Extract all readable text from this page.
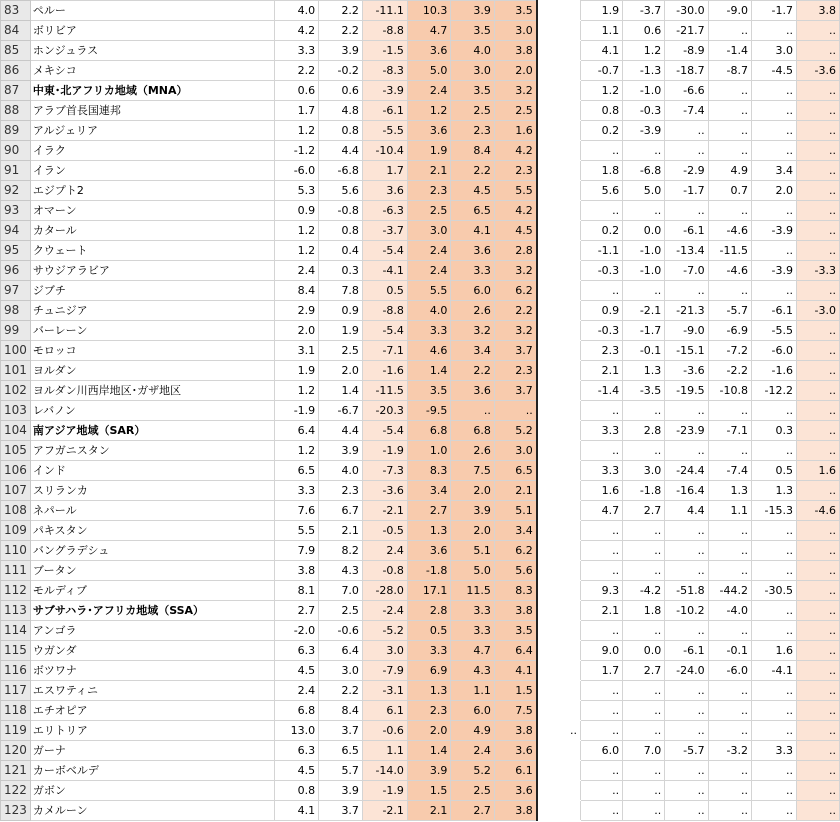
83	ペルー	4.0	2.2	-11.1	10.3	3.9	3.5		1.9	-3.7	-30.0	-9.0	-1.7	3.8
84	ボリビア	4.2	2.2	-8.8	4.7	3.5	3.0		1.1	0.6	-21.7	..	..	..
85	ホンジュラス	3.3	3.9	-1.5	3.6	4.0	3.8		4.1	1.2	-8.9	-1.4	3.0	..
86	メキシコ	2.2	-0.2	-8.3	5.0	3.0	2.0		-0.7	-1.3	-18.7	-8.7	-4.5	-3.6
87	中東･北アフリカ地域（MNA）	0.6	0.6	-3.9	2.4	3.5	3.2		1.2	-1.0	-6.6	..	..	..
88	アラブ首長国連邦	1.7	4.8	-6.1	1.2	2.5	2.5		0.8	-0.3	-7.4	..	..	..
89	アルジェリア	1.2	0.8	-5.5	3.6	2.3	1.6		0.2	-3.9	..	..	..	..
90	イラク	-1.2	4.4	-10.4	1.9	8.4	4.2		..	..	..	..	..	..
91	イラン	-6.0	-6.8	1.7	2.1	2.2	2.3		1.8	-6.8	-2.9	4.9	3.4	..
92	エジプト2	5.3	5.6	3.6	2.3	4.5	5.5		5.6	5.0	-1.7	0.7	2.0	..
93	オマーン	0.9	-0.8	-6.3	2.5	6.5	4.2		..	..	..	..	..	..
94	カタール	1.2	0.8	-3.7	3.0	4.1	4.5		0.2	0.0	-6.1	-4.6	-3.9	..
95	クウェート	1.2	0.4	-5.4	2.4	3.6	2.8		-1.1	-1.0	-13.4	-11.5	..	..
96	サウジアラビア	2.4	0.3	-4.1	2.4	3.3	3.2		-0.3	-1.0	-7.0	-4.6	-3.9	-3.3
97	ジブチ	8.4	7.8	0.5	5.5	6.0	6.2		..	..	..	..	..	..
98	チュニジア	2.9	0.9	-8.8	4.0	2.6	2.2		0.9	-2.1	-21.3	-5.7	-6.1	-3.0
99	バーレーン	2.0	1.9	-5.4	3.3	3.2	3.2		-0.3	-1.7	-9.0	-6.9	-5.5	..
100	モロッコ	3.1	2.5	-7.1	4.6	3.4	3.7		2.3	-0.1	-15.1	-7.2	-6.0	..
101	ヨルダン	1.9	2.0	-1.6	1.4	2.2	2.3		2.1	1.3	-3.6	-2.2	-1.6	..
102	ヨルダン川西岸地区･ガザ地区	1.2	1.4	-11.5	3.5	3.6	3.7		-1.4	-3.5	-19.5	-10.8	-12.2	..
103	レバノン	-1.9	-6.7	-20.3	-9.5	..	..		..	..	..	..	..	..
104	南アジア地域（SAR）	6.4	4.4	-5.4	6.8	6.8	5.2		3.3	2.8	-23.9	-7.1	0.3	..
105	アフガニスタン	1.2	3.9	-1.9	1.0	2.6	3.0		..	..	..	..	..	..
106	インド	6.5	4.0	-7.3	8.3	7.5	6.5		3.3	3.0	-24.4	-7.4	0.5	1.6
107	スリランカ	3.3	2.3	-3.6	3.4	2.0	2.1		1.6	-1.8	-16.4	1.3	1.3	..
108	ネパール	7.6	6.7	-2.1	2.7	3.9	5.1		4.7	2.7	4.4	1.1	-15.3	-4.6
109	パキスタン	5.5	2.1	-0.5	1.3	2.0	3.4		..	..	..	..	..	..
110	バングラデシュ	7.9	8.2	2.4	3.6	5.1	6.2		..	..	..	..	..	..
111	ブータン	3.8	4.3	-0.8	-1.8	5.0	5.6		..	..	..	..	..	..
112	モルディブ	8.1	7.0	-28.0	17.1	11.5	8.3		9.3	-4.2	-51.8	-44.2	-30.5	..
113	サブサハラ･アフリカ地域（SSA）	2.7	2.5	-2.4	2.8	3.3	3.8		2.1	1.8	-10.2	-4.0	..	..
114	アンゴラ	-2.0	-0.6	-5.2	0.5	3.3	3.5		..	..	..	..	..	..
115	ウガンダ	6.3	6.4	3.0	3.3	4.7	6.4		9.0	0.0	-6.1	-0.1	1.6	..
116	ボツワナ	4.5	3.0	-7.9	6.9	4.3	4.1		1.7	2.7	-24.0	-6.0	-4.1	..
117	エスワティニ	2.4	2.2	-3.1	1.3	1.1	1.5		..	..	..	..	..	..
118	エチオピア	6.8	8.4	6.1	2.3	6.0	7.5		..	..	..	..	..	..
119	エリトリア	13.0	3.7	-0.6	2.0	4.9	3.8	..	..	..	..	..	..	..
120	ガーナ	6.3	6.5	1.1	1.4	2.4	3.6		6.0	7.0	-5.7	-3.2	3.3	..
121	カーボベルデ	4.5	5.7	-14.0	3.9	5.2	6.1		..	..	..	..	..	..
122	ガボン	0.8	3.9	-1.9	1.5	2.5	3.6		..	..	..	..	..	..
123	カメルーン	4.1	3.7	-2.1	2.1	2.7	3.8		..	..	..	..	..	..
